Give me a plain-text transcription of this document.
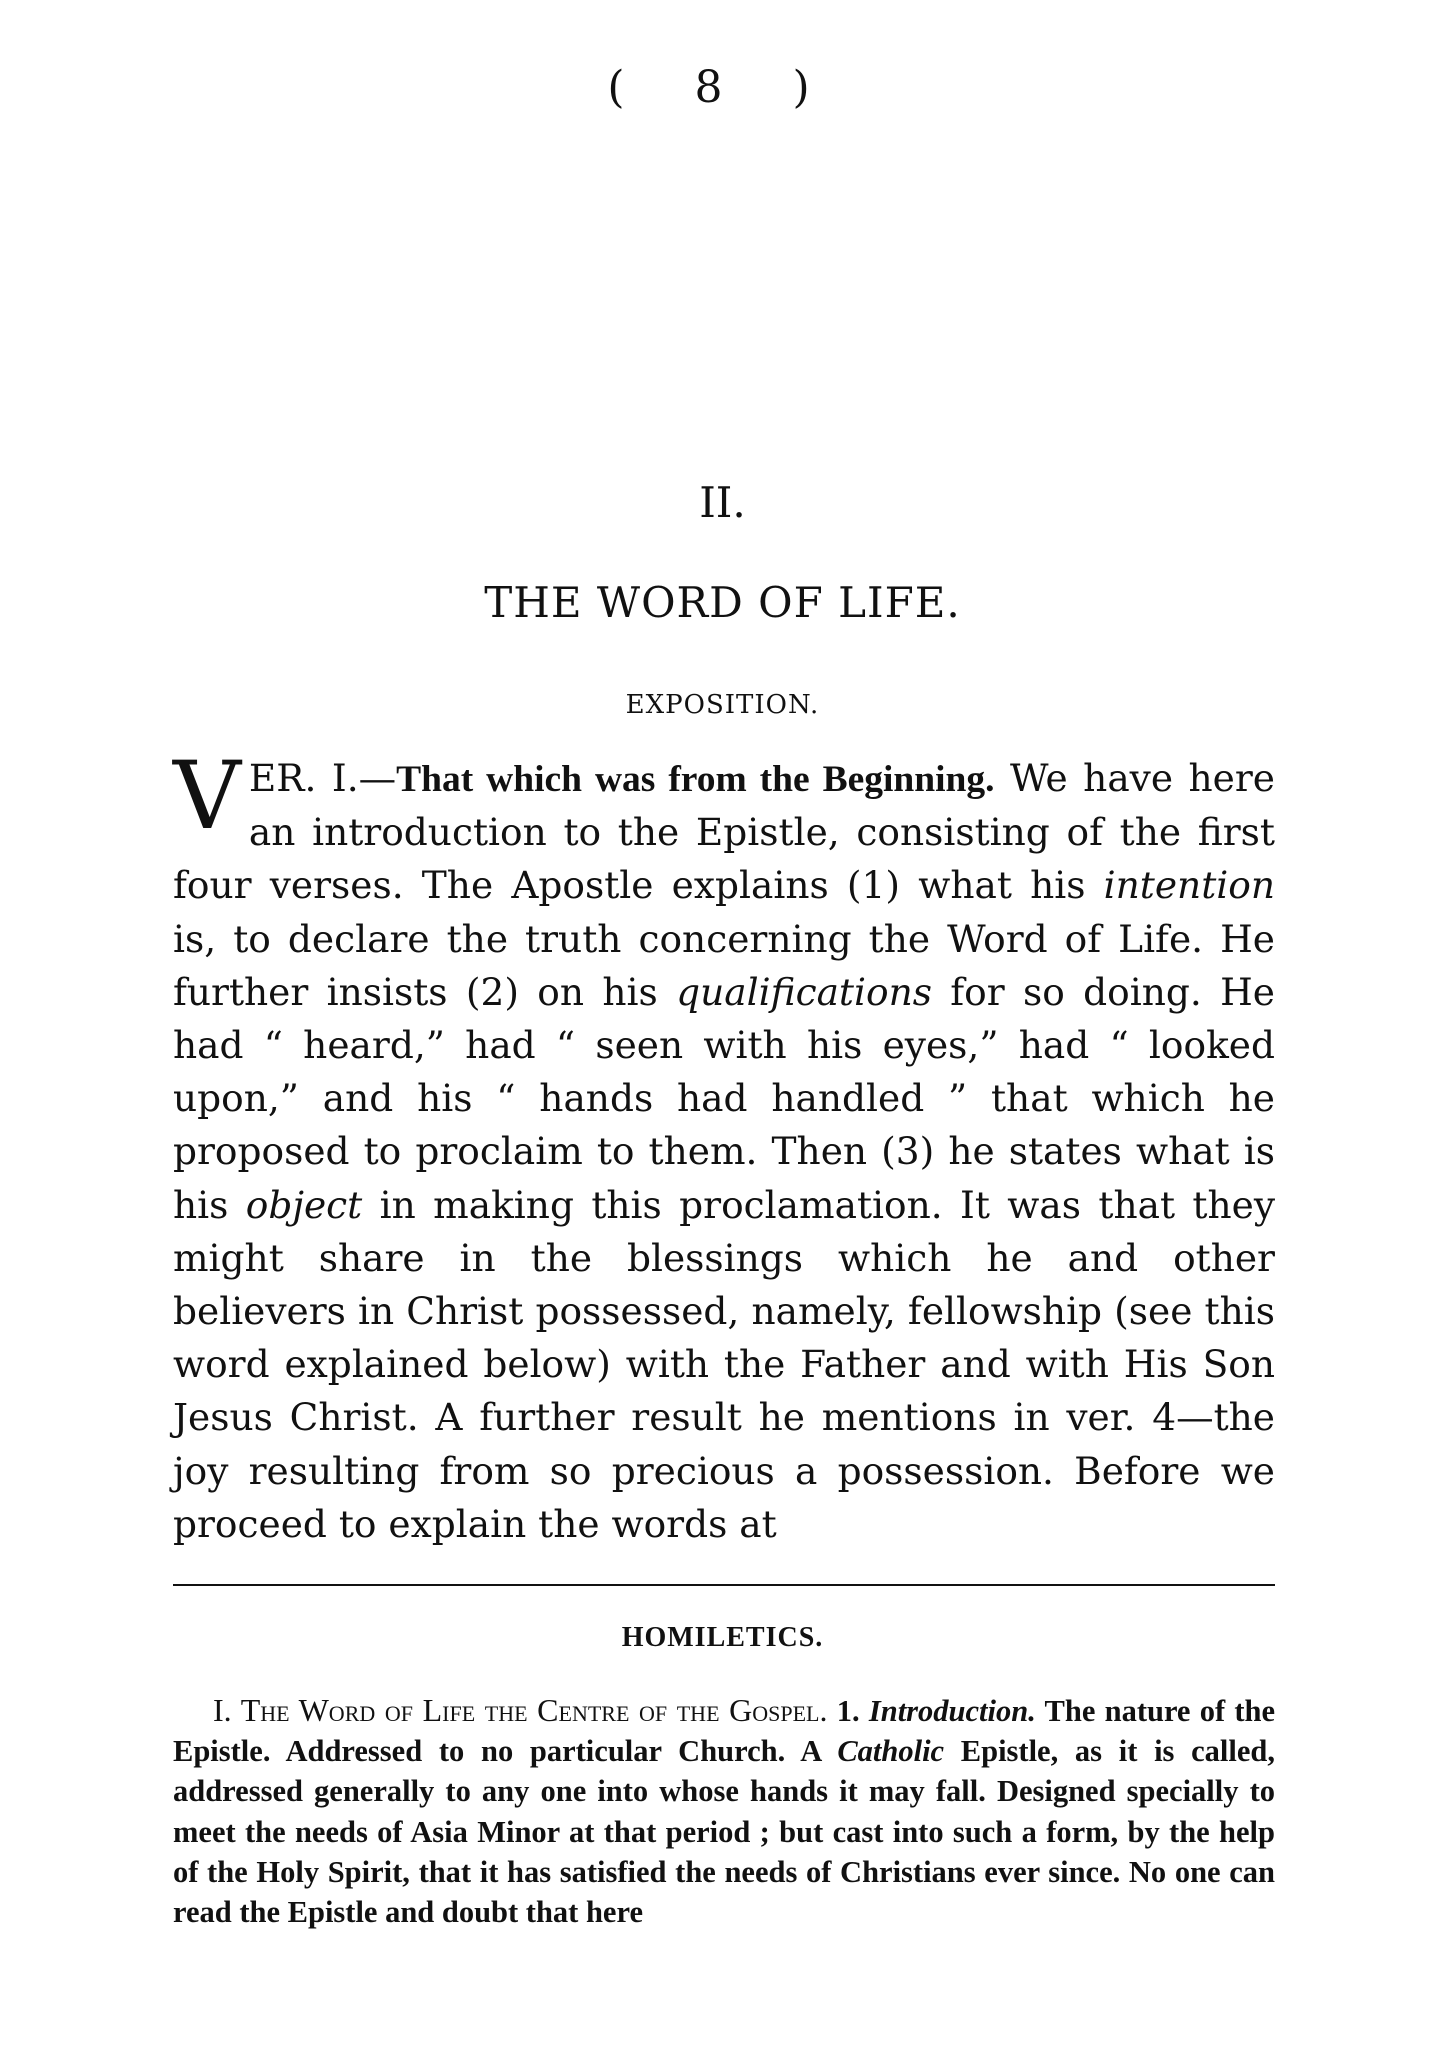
( 8 )
II.
THE WORD OF LIFE.
EXPOSITION.
VER. I.—That which was from the Beginning. We have here an introduction to the Epistle, consisting of the first four verses. The Apostle explains (1) what his intention is, to declare the truth concerning the Word of Life. He further insists (2) on his qualifications for so doing. He had “ heard,” had “ seen with his eyes,” had “ looked upon,” and his “ hands had handled ” that which he proposed to proclaim to them. Then (3) he states what is his object in making this proclamation. It was that they might share in the blessings which he and other believers in Christ possessed, namely, fellowship (see this word explained below) with the Father and with His Son Jesus Christ. A further result he mentions in ver. 4—the joy resulting from so precious a possession. Before we proceed to explain the words at
HOMILETICS.

I. The Word of Life the Centre of the Gospel. 1. Introduction. The nature of the Epistle. Addressed to no particular Church. A Catholic Epistle, as it is called, addressed generally to any one into whose hands it may fall. Designed specially to meet the needs of Asia Minor at that period ; but cast into such a form, by the help of the Holy Spirit, that it has satisfied the needs of Christians ever since. No one can read the Epistle and doubt that here
